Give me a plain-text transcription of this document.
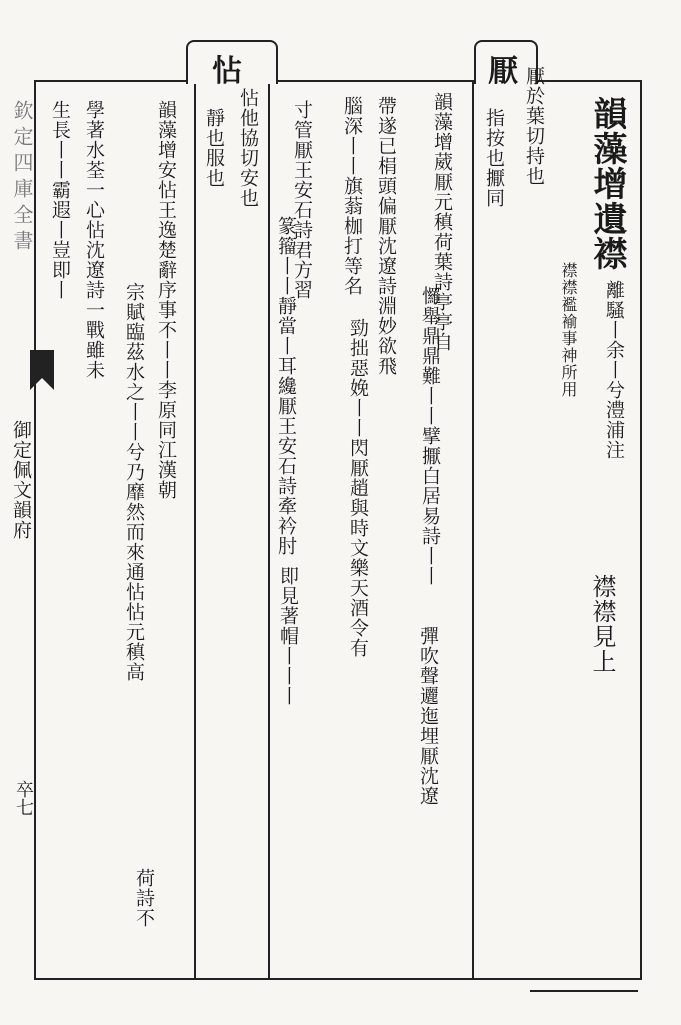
厭
怗
欽定四庫全書
御定佩文韻府
卒七
韻藻增遺襟
離騷丨余丨兮澧浦注
襟襟襤褕事神所用
襟襟見上
厭於葉切持也
指按也擫同
韻藻增葳厭元稹荷葉詩亭亭自
㦬舉鼎鼎難丨丨擘擫白居易詩丨丨
彈吹聲邐迤埋厭沈遼
帶遂已梋頭偏厭沈遼詩淵妙欲飛
勁拙惡娩丨丨閃厭趙與時文樂天酒令有
腦深丨丨旗蓊枷打等名
寸管厭王安石詩君方習
篆籀丨丨靜當丨耳纔厭王安石詩牽衿肘
即見著帽丨丨丨
怗他協切安也
靜也服也
韻藻增安怗王逸楚辭序事不丨丨李原同江漢朝
宗賦臨茲水之丨丨兮乃靡然而來通怗怗元稹高
荷詩不
學著水荃一心怗沈遼詩一戰雖未
生長丨丨霸遐丨豈即丨
